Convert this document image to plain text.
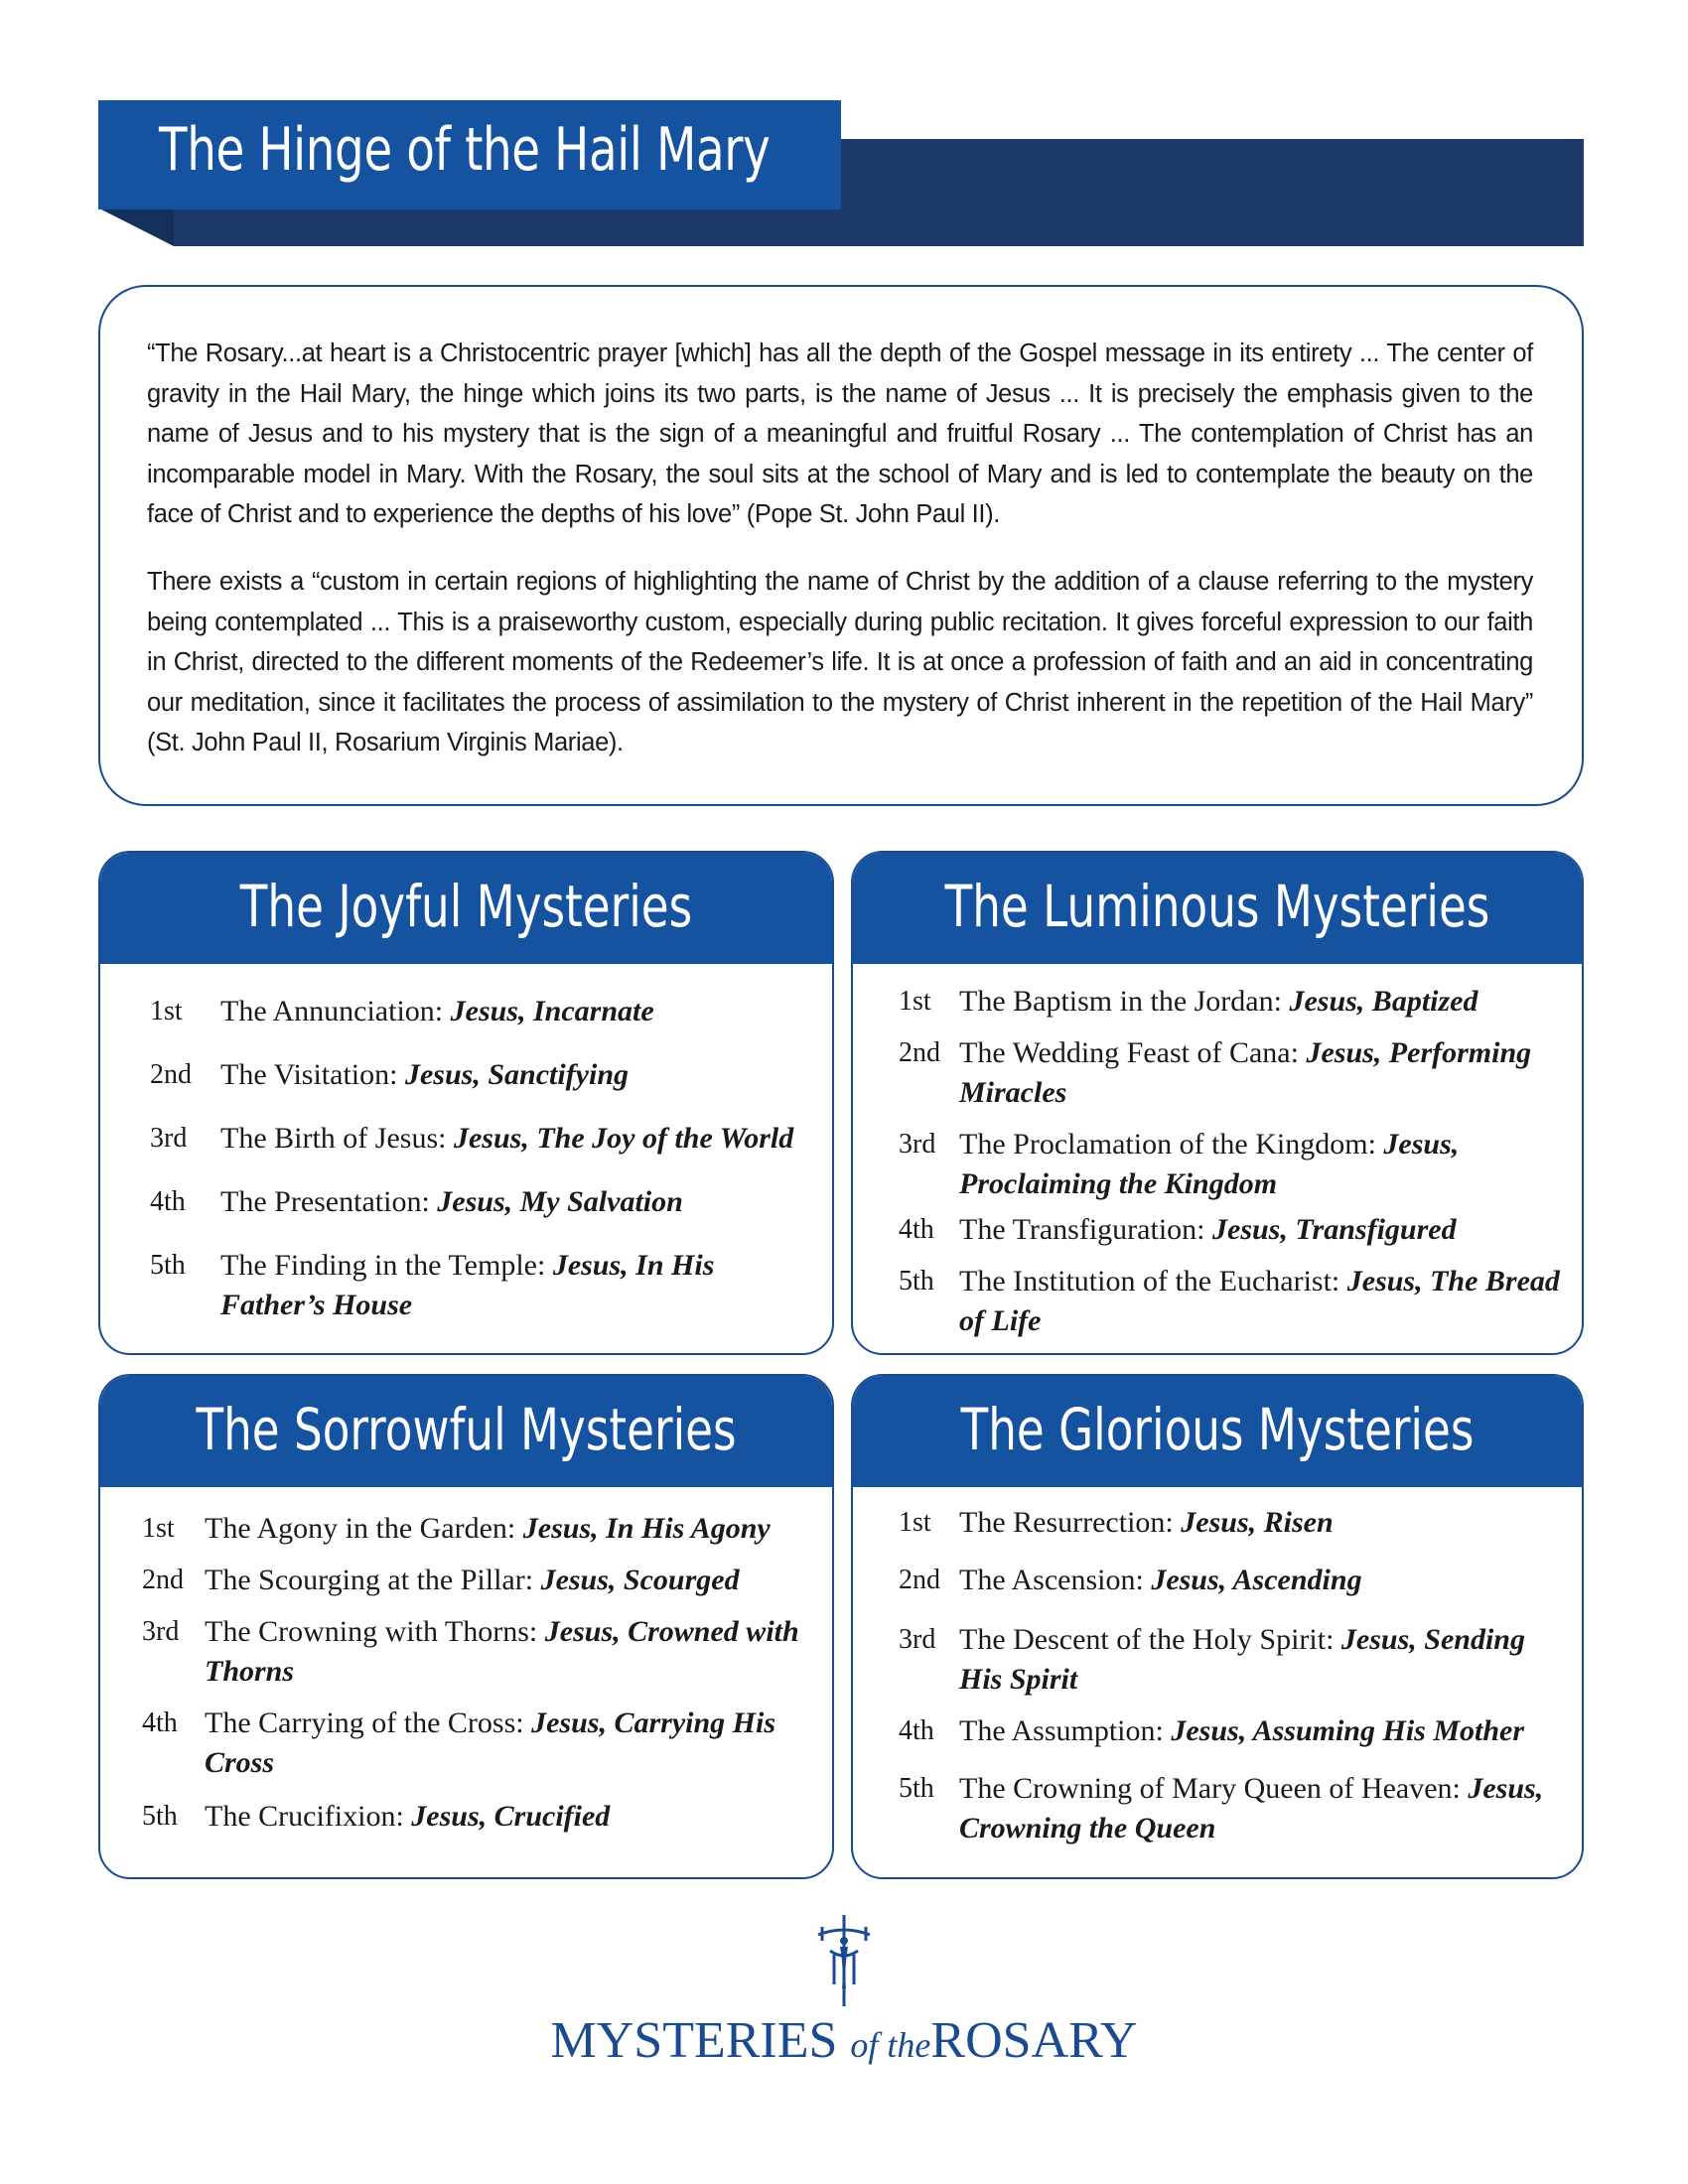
The Hinge of the Hail Mary

“The Rosary...at heart is a Christocentric prayer [which] has all the depth of the Gospel message in its entirety ... The center of gravity in the Hail Mary, the hinge which joins its two parts, is the name of Jesus ... It is precisely the emphasis given to the name of Jesus and to his mystery that is the sign of a meaningful and fruitful Rosary ... The contemplation of Christ has an incomparable model in Mary. With the Rosary, the soul sits at the school of Mary and is led to contemplate the beauty on the face of Christ and to experience the depths of his love” (Pope St. John Paul II).

There exists a “custom in certain regions of highlighting the name of Christ by the addition of a clause referring to the mystery being contemplated ... This is a praiseworthy custom, especially during public recitation. It gives forceful expression to our faith in Christ, directed to the different moments of the Redeemer’s life. It is at once a profession of faith and an aid in concentrating our meditation, since it facilitates the process of assimilation to the mystery of Christ inherent in the repetition of the Hail Mary” (St. John Paul II, Rosarium Virginis Mariae).

The Joyful Mysteries
1st The Annunciation: Jesus, Incarnate
2nd The Visitation: Jesus, Sanctifying
3rd The Birth of Jesus: Jesus, The Joy of the World
4th The Presentation: Jesus, My Salvation
5th The Finding in the Temple: Jesus, In His Father’s House
The Luminous Mysteries
1st The Baptism in the Jordan: Jesus, Baptized
2nd The Wedding Feast of Cana: Jesus, Performing Miracles
3rd The Proclamation of the Kingdom: Jesus, Proclaiming the Kingdom
4th The Transfiguration: Jesus, Transfigured
5th The Institution of the Eucharist: Jesus, The Bread of Life
The Sorrowful Mysteries
1st The Agony in the Garden: Jesus, In His Agony
2nd The Scourging at the Pillar: Jesus, Scourged
3rd The Crowning with Thorns: Jesus, Crowned with Thorns
4th The Carrying of the Cross: Jesus, Carrying His Cross
5th The Crucifixion: Jesus, Crucified
The Glorious Mysteries
1st The Resurrection: Jesus, Risen
2nd The Ascension: Jesus, Ascending
3rd The Descent of the Holy Spirit: Jesus, Sending His Spirit
4th The Assumption: Jesus, Assuming His Mother
5th The Crowning of Mary Queen of Heaven: Jesus, Crowning the Queen
MYSTERIES of theROSARY
